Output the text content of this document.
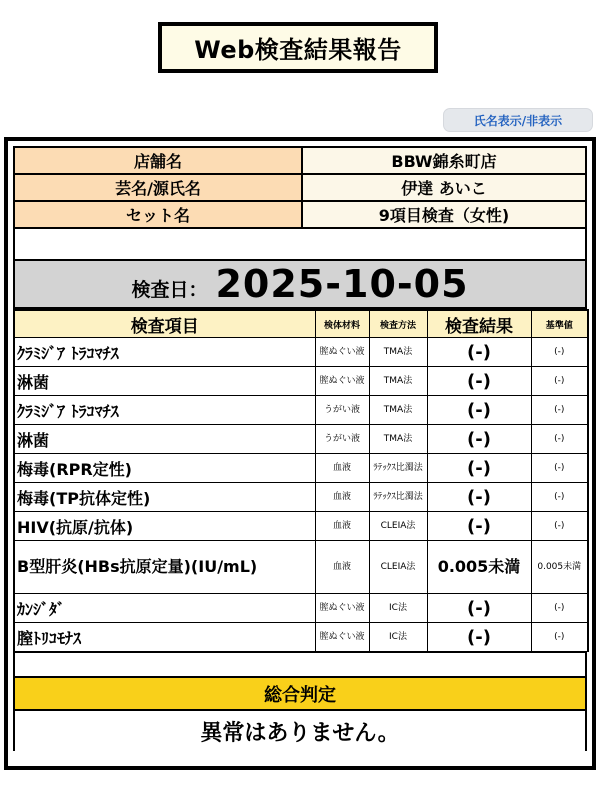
Web検査結果報告
氏名表示/非表示
店舗名	BBW錦糸町店
芸名/源氏名	伊達 あいこ
セット名	9項目検査（女性)
検査日： 2025-10-05
検査項目	検体材料	検査方法	検査結果	基準値
ｸﾗﾐｼﾞｱ ﾄﾗｺﾏﾁｽ	膣ぬぐい液	TMA法	(-)	(-)
淋菌	膣ぬぐい液	TMA法	(-)	(-)
ｸﾗﾐｼﾞｱ ﾄﾗｺﾏﾁｽ	うがい液	TMA法	(-)	(-)
淋菌	うがい液	TMA法	(-)	(-)
梅毒(RPR定性)	血液	ﾗﾃｯｸｽ比濁法	(-)	(-)
梅毒(TP抗体定性)	血液	ﾗﾃｯｸｽ比濁法	(-)	(-)
HIV(抗原/抗体)	血液	CLEIA法	(-)	(-)
B型肝炎(HBs抗原定量)(IU/mL)	血液	CLEIA法	0.005未満	0.005未満
ｶﾝｼﾞﾀﾞ	膣ぬぐい液	IC法	(-)	(-)
膣ﾄﾘｺﾓﾅｽ	膣ぬぐい液	IC法	(-)	(-)
総合判定
異常はありません。
